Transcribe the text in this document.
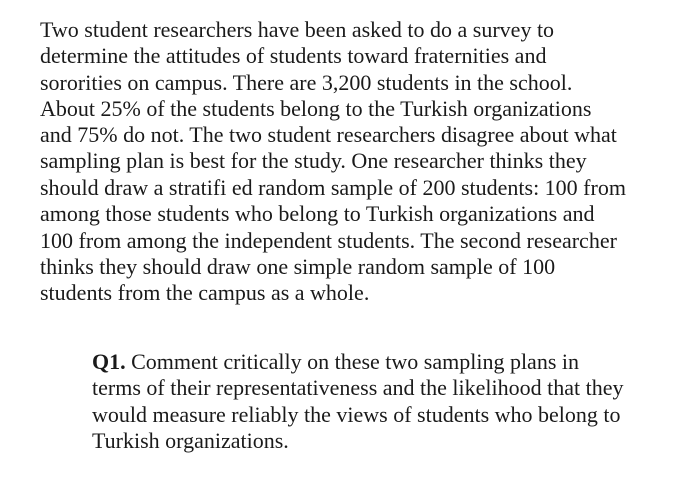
Two student researchers have been asked to do a survey to
determine the attitudes of students toward fraternities and
sororities on campus. There are 3,200 students in the school.
About 25% of the students belong to the Turkish organizations
and 75% do not. The two student researchers disagree about what
sampling plan is best for the study. One researcher thinks they
should draw a stratifi ed random sample of 200 students: 100 from
among those students who belong to Turkish organizations and
100 from among the independent students. The second researcher
thinks they should draw one simple random sample of 100
students from the campus as a whole.
Q1. Comment critically on these two sampling plans in
terms of their representativeness and the likelihood that they
would measure reliably the views of students who belong to
Turkish organizations.
